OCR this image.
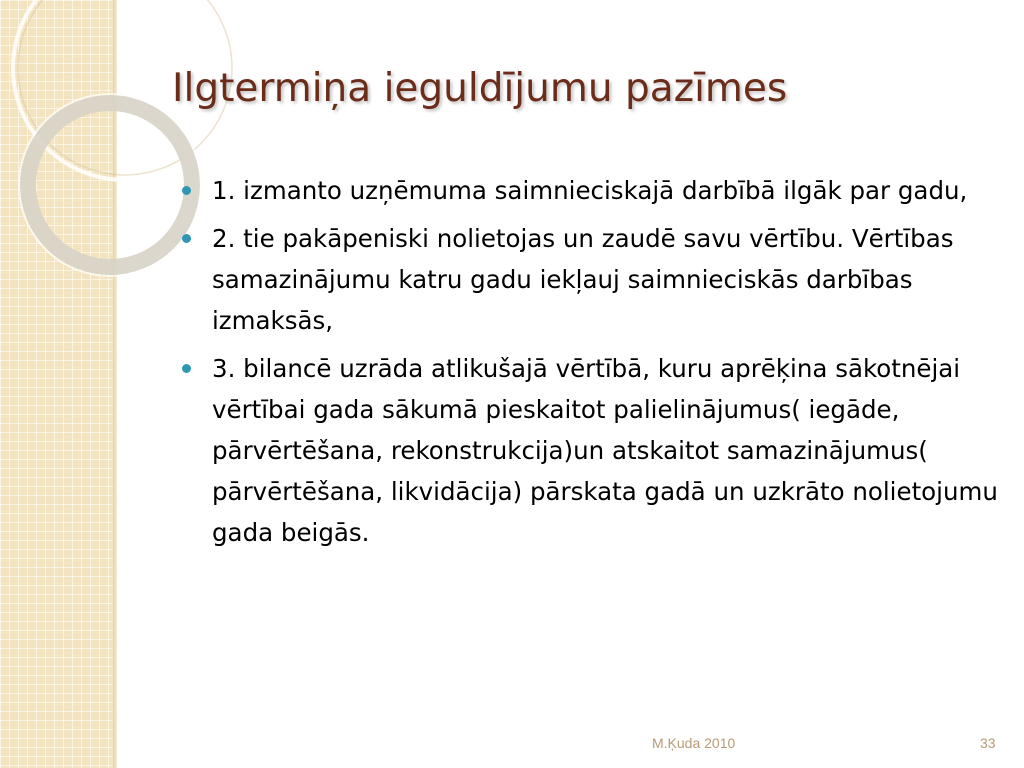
Ilgtermiņa ieguldījumu pazīmes
1. izmanto uzņēmuma saimnieciskajā darbībā ilgāk par gadu,
2. tie pakāpeniski nolietojas un zaudē savu vērtību. Vērtības samazinājumu katru gadu iekļauj saimnieciskās darbības izmaksās,
3. bilancē uzrāda atlikušajā vērtībā, kuru aprēķina sākotnējai vērtībai gada sākumā pieskaitot palielinājumus( iegāde, pārvērtēšana, rekonstrukcija)un atskaitot samazinājumus( pārvērtēšana, likvidācija) pārskata gadā un uzkrāto nolietojumu gada beigās.
M.Ķuda 2010	33
